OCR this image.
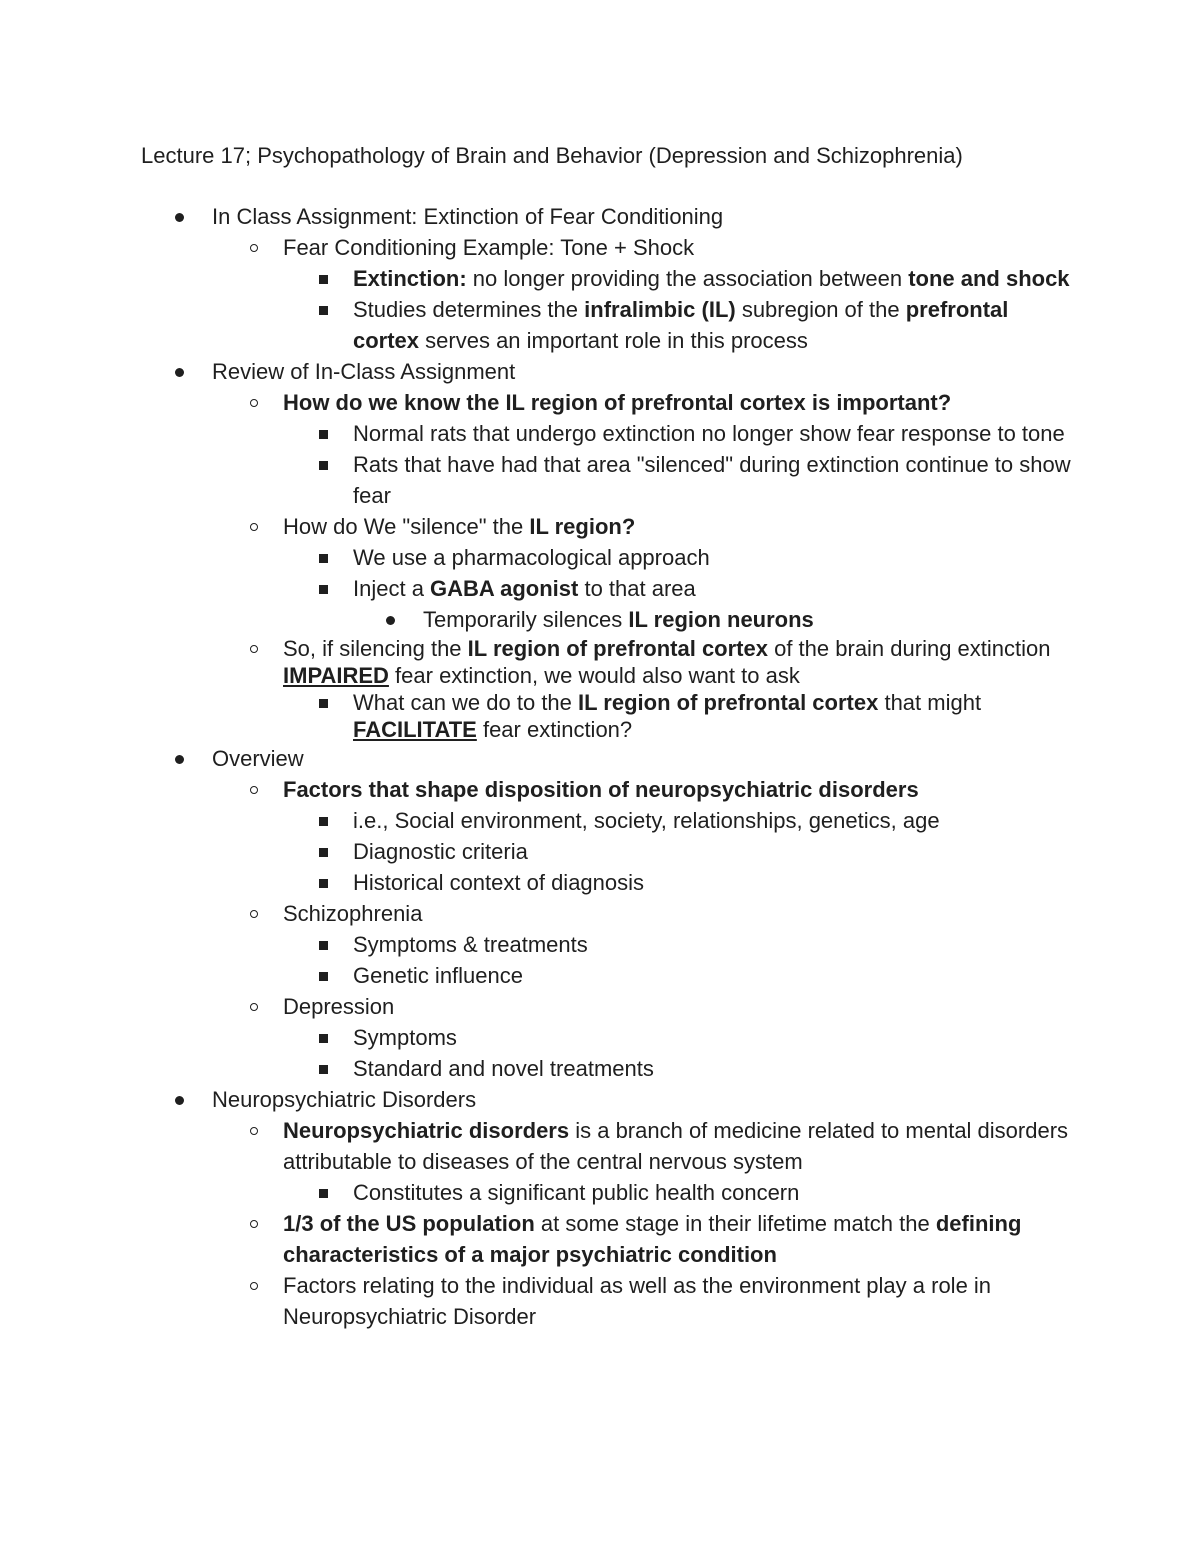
Lecture 17; Psychopathology of Brain and Behavior (Depression and Schizophrenia)
In Class Assignment: Extinction of Fear Conditioning
Fear Conditioning Example: Tone + Shock
Extinction: no longer providing the association between tone and shock
Studies determines the infralimbic (IL) subregion of the prefrontal cortex serves an important role in this process
Review of In-Class Assignment
How do we know the IL region of prefrontal cortex is important?
Normal rats that undergo extinction no longer show fear response to tone
Rats that have had that area "silenced" during extinction continue to show fear
How do We "silence" the IL region?
We use a pharmacological approach
Inject a GABA agonist to that area
Temporarily silences IL region neurons
So, if silencing the IL region of prefrontal cortex of the brain during extinction IMPAIRED fear extinction, we would also want to ask
What can we do to the IL region of prefrontal cortex that might FACILITATE fear extinction?
Overview
Factors that shape disposition of neuropsychiatric disorders
i.e., Social environment, society, relationships, genetics, age
Diagnostic criteria
Historical context of diagnosis
Schizophrenia
Symptoms & treatments
Genetic influence
Depression
Symptoms
Standard and novel treatments
Neuropsychiatric Disorders
Neuropsychiatric disorders is a branch of medicine related to mental disorders attributable to diseases of the central nervous system
Constitutes a significant public health concern
1/3 of the US population at some stage in their lifetime match the defining characteristics of a major psychiatric condition
Factors relating to the individual as well as the environment play a role in Neuropsychiatric Disorder
